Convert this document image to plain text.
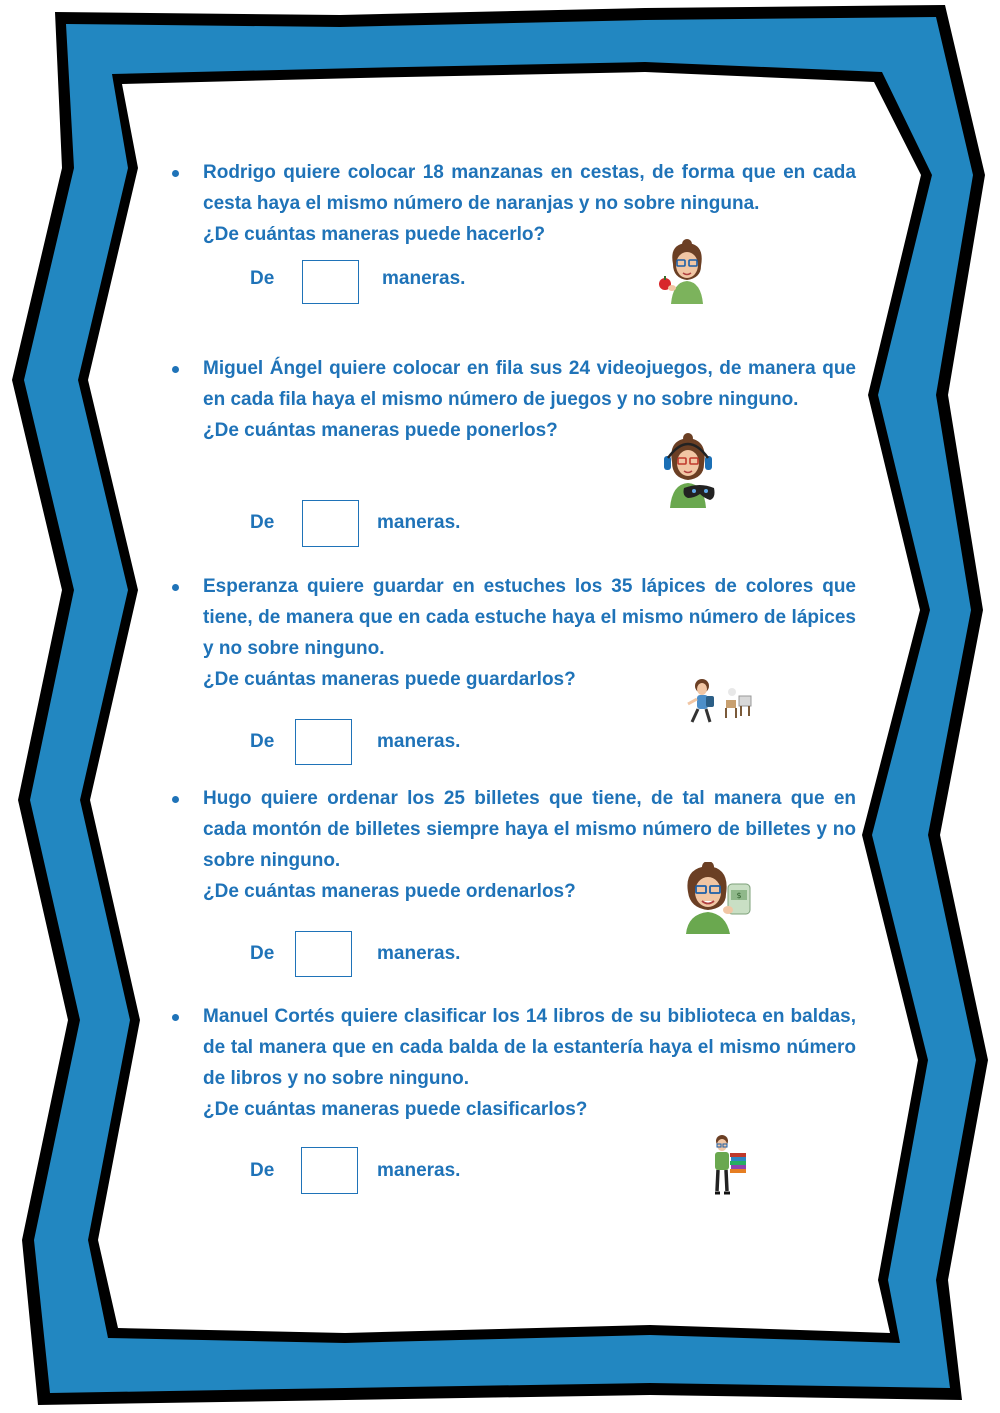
Rodrigo quiere colocar 18 manzanas en cestas, de forma que en cada cesta haya el mismo número de naranjas y no sobre ninguna.
¿De cuántas maneras puede hacerlo?
De	maneras.
Miguel Ángel quiere colocar en fila sus 24 videojuegos, de manera que en cada fila haya el mismo número de juegos y no sobre ninguno.
¿De cuántas maneras puede ponerlos?
De	maneras.
Esperanza quiere guardar en estuches los 35 lápices de colores que tiene, de manera que en cada estuche haya el mismo número de lápices y no sobre ninguno.
¿De cuántas maneras puede guardarlos?
De	maneras.
Hugo quiere ordenar los 25 billetes que tiene, de tal manera que en cada montón de billetes siempre haya el mismo número de billetes y no sobre ninguno.
¿De cuántas maneras puede ordenarlos?
De	maneras.
$
Manuel Cortés quiere clasificar los 14 libros de su biblioteca en baldas, de tal manera que en cada balda de la estantería haya el mismo número de libros y no sobre ninguno.
¿De cuántas maneras puede clasificarlos?
De	maneras.
